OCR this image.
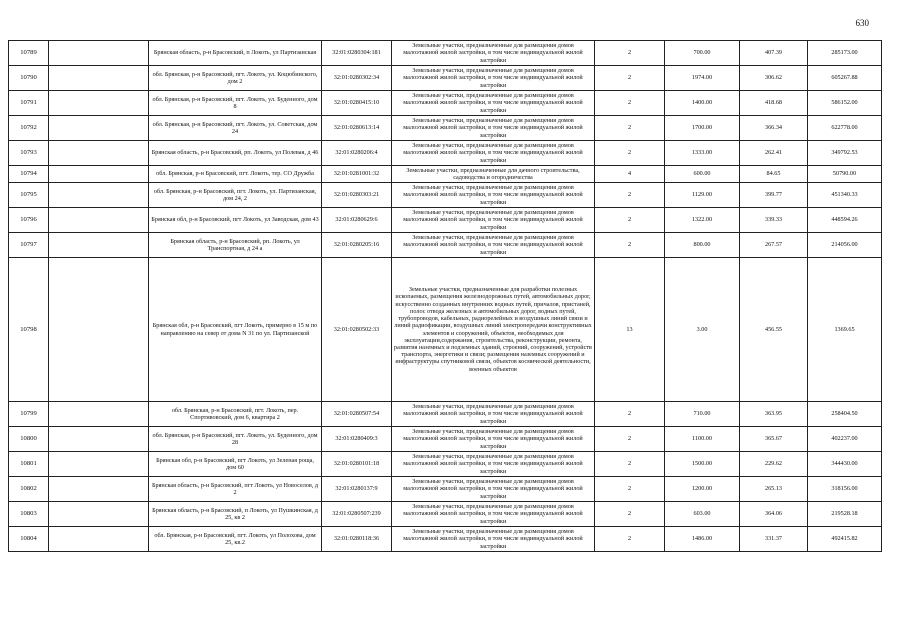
630
10789		Брянская область, р-н Брасовский, п Локоть, ул Партизанская	32:01:0280304:181	Земельные участки, предназначенные для размещения домов малоэтажной жилой застройки, в том числе индивидуальной жилой застройки	2	700.00	407.39	285173.00
10790		обл. Брянская, р-н Брасовский, пгт. Локоть, ул. Коцюбинского, дом 2	32:01:0280302:34	Земельные участки, предназначенные для размещения домов малоэтажной жилой застройки, в том числе индивидуальной жилой застройки	2	1974.00	306.62	605267.88
10791		обл. Брянская, р-н Брасовский, пгт. Локоть, ул. Буденного, дом 8	32:01:0280415:10	Земельные участки, предназначенные для размещения домов малоэтажной жилой застройки, в том числе индивидуальной жилой застройки	2	1400.00	418.68	586152.00
10792		обл. Брянская, р-н Брасовский, пгт. Локоть, ул. Советская, дом 24	32:01:0280613:14	Земельные участки, предназначенные для размещения домов малоэтажной жилой застройки, в том числе индивидуальной жилой застройки	2	1700.00	366.34	622778.00
10793		Брянская область, р-н Брасовский, рп. Локоть, ул Полевая, д 46	32:01:0280206:4	Земельные участки, предназначенные для размещения домов малоэтажной жилой застройки, в том числе индивидуальной жилой застройки	2	1333.00	262.41	349792.53
10794		обл. Брянская, р-н Брасовский, пгт. Локоть, тер. СО Дружба	32:01:0281001:32	Земельные участки, предназначенные для дачного строительства, садоводства и огородничества	4	600.00	84.65	50790.00
10795		обл. Брянская, р-н Брасовский, пгт. Локоть, ул. Партизанская, дом 24, 2	32:01:0280303:21	Земельные участки, предназначенные для размещения домов малоэтажной жилой застройки, в том числе индивидуальной жилой застройки	2	1129.00	399.77	451340.33
10796		Брянская обл, р-н Брасовский, пгт Локоть, ул Заводская, дом 43	32:01:0280629:6	Земельные участки, предназначенные для размещения домов малоэтажной жилой застройки, в том числе индивидуальной жилой застройки	2	1322.00	339.33	448594.26
10797		Брянская область, р-н Брасовский, рп. Локоть, ул Транспортная, д 24 а	32:01:0280205:16	Земельные участки, предназначенные для размещения домов малоэтажной жилой застройки, в том числе индивидуальной жилой застройки	2	800.00	267.57	214056.00
10798		Брянская обл, р-н Брасовский, пгт Локоть, примерно в 15 м по направлению на север от дома N 31 по ул. Партизанской	32:01:0280502:33	Земельные участки, предназначенные для разработки полезных ископаемых, размещения железнодорожных путей, автомобильных дорог, искусственно созданных внутренних водных путей, причалов, пристаней, полос отвода железных и автомобильных дорог, водных путей, трубопроводов, кабельных, радиорелейных и воздушных линий связи и линий радиофикации, воздушных линий электропередачи конструктивных элементов и сооружений, объектов, необходимых для эксплуатации,содержания, строительства, реконструкции, ремонта, развития наземных и подземных зданий, строений, сооружений, устройств транспорта, энергетики и связи; размещения наземных сооружений и инфраструктуры спутниковой связи, объектов космической деятельности, военных объектов	13	3.00	456.55	1369.65
10799		обл. Брянская, р-н Брасовский, пгт. Локоть, пер. Спортивовский, дом 6, квартира 2	32:01:0280507:54	Земельные участки, предназначенные для размещения домов малоэтажной жилой застройки, в том числе индивидуальной жилой застройки	2	710.00	363.95	258404.50
10800		обл. Брянская, р-н Брасовский, пгт. Локоть, ул. Буденного, дом 28	32:01:0280409:3	Земельные участки, предназначенные для размещения домов малоэтажной жилой застройки, в том числе индивидуальной жилой застройки	2	1100.00	365.67	402237.00
10801		Брянская обл, р-н Брасовский, пгт Локоть, ул Зеленая роща, дом 60	32:01:0280101:18	Земельные участки, предназначенные для размещения домов малоэтажной жилой застройки, в том числе индивидуальной жилой застройки	2	1500.00	229.62	344430.00
10802		Брянская область, р-н Брасовский, пгт Локоть, ул Новоселов, д 2	32:01:0280137:9	Земельные участки, предназначенные для размещения домов малоэтажной жилой застройки, в том числе индивидуальной жилой застройки	2	1200.00	265.13	318156.00
10803		Брянская область, р-н Брасовский, п Локоть, ул Пушкинская, д 25, кв 2	32:01:0280507:239	Земельные участки, предназначенные для размещения домов малоэтажной жилой застройки, в том числе индивидуальной жилой застройки	2	603.00	364.06	219528.18
10804		обл. Брянская, р-н Брасовский, пгт. Локоть, ул Полохова, дом 25, кв.2	32:01:0280118:36	Земельные участки, предназначенные для размещения домов малоэтажной жилой застройки, в том числе индивидуальной жилой застройки	2	1486.00	331.37	492415.82
